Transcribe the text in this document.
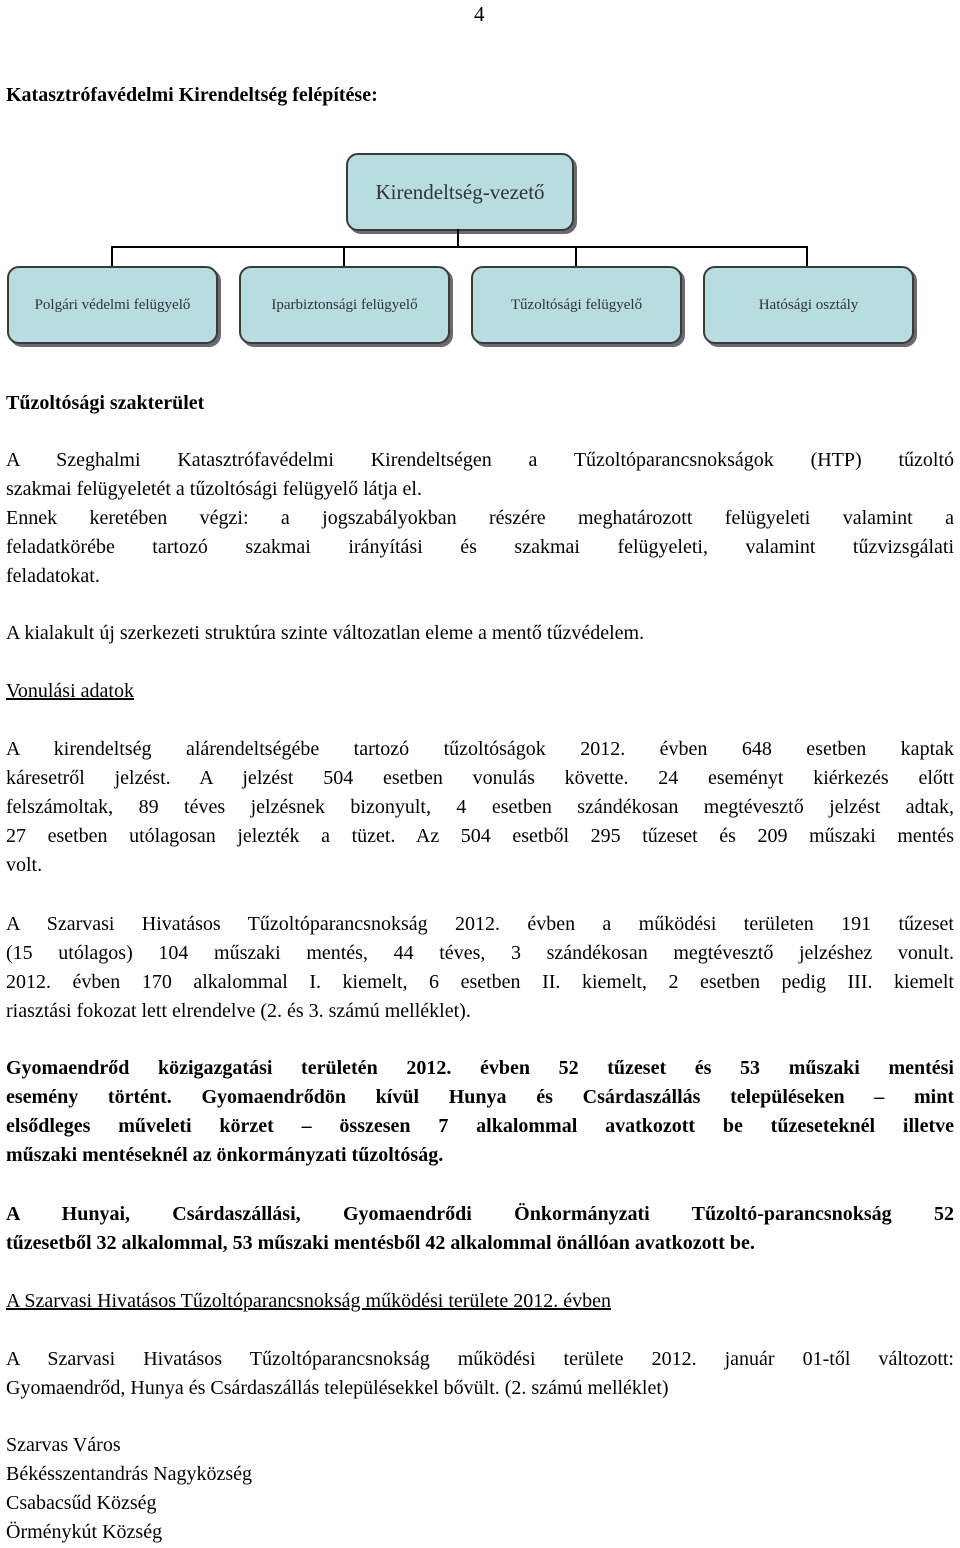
4
Katasztrófavédelmi Kirendeltség felépítése:
Kirendeltség-vezető
Polgári védelmi felügyelő	Iparbiztonsági felügyelő	Tűzoltósági felügyelő	Hatósági osztály
Tűzoltósági szakterület
A Szeghalmi Katasztrófavédelmi Kirendeltségen a Tűzoltóparancsnokságok (HTP) tűzoltó
szakmai felügyeletét a tűzoltósági felügyelő látja el.
Ennek keretében végzi: a jogszabályokban részére meghatározott felügyeleti valamint a
feladatkörébe tartozó szakmai irányítási és szakmai felügyeleti, valamint tűzvizsgálati
feladatokat.

A kialakult új szerkezeti struktúra szinte változatlan eleme a mentő tűzvédelem.

Vonulási adatok

A kirendeltség alárendeltségébe tartozó tűzoltóságok 2012. évben 648 esetben kaptak
káresetről jelzést. A jelzést 504 esetben vonulás követte. 24 eseményt kiérkezés előtt
felszámoltak, 89 téves jelzésnek bizonyult, 4 esetben szándékosan megtévesztő jelzést adtak,
27 esetben utólagosan jelezték a tüzet. Az 504 esetből 295 tűzeset és 209 műszaki mentés
volt.
A Szarvasi Hivatásos Tűzoltóparancsnokság 2012. évben a működési területen 191 tűzeset
(15 utólagos) 104 műszaki mentés, 44 téves, 3 szándékosan megtévesztő jelzéshez vonult.
2012. évben 170 alkalommal I. kiemelt, 6 esetben II. kiemelt, 2 esetben pedig III. kiemelt
riasztási fokozat lett elrendelve (2. és 3. számú melléklet).
Gyomaendrőd közigazgatási területén 2012. évben 52 tűzeset és 53 műszaki mentési
esemény történt. Gyomaendrődön kívül Hunya és Csárdaszállás településeken – mint
elsődleges műveleti körzet – összesen 7 alkalommal avatkozott be tűzeseteknél illetve
műszaki mentéseknél az önkormányzati tűzoltóság.
A Hunyai, Csárdaszállási, Gyomaendrődi Önkormányzati Tűzoltó-parancsnokság 52
tűzesetből 32 alkalommal, 53 műszaki mentésből 42 alkalommal önállóan avatkozott be.

A Szarvasi Hivatásos Tűzoltóparancsnokság működési területe 2012. évben

A Szarvasi Hivatásos Tűzoltóparancsnokság működési területe 2012. január 01-től változott:
Gyomaendrőd, Hunya és Csárdaszállás településekkel bővült. (2. számú melléklet)
Szarvas Város
Békésszentandrás Nagyközség
Csabacsűd Község
Örménykút Község
